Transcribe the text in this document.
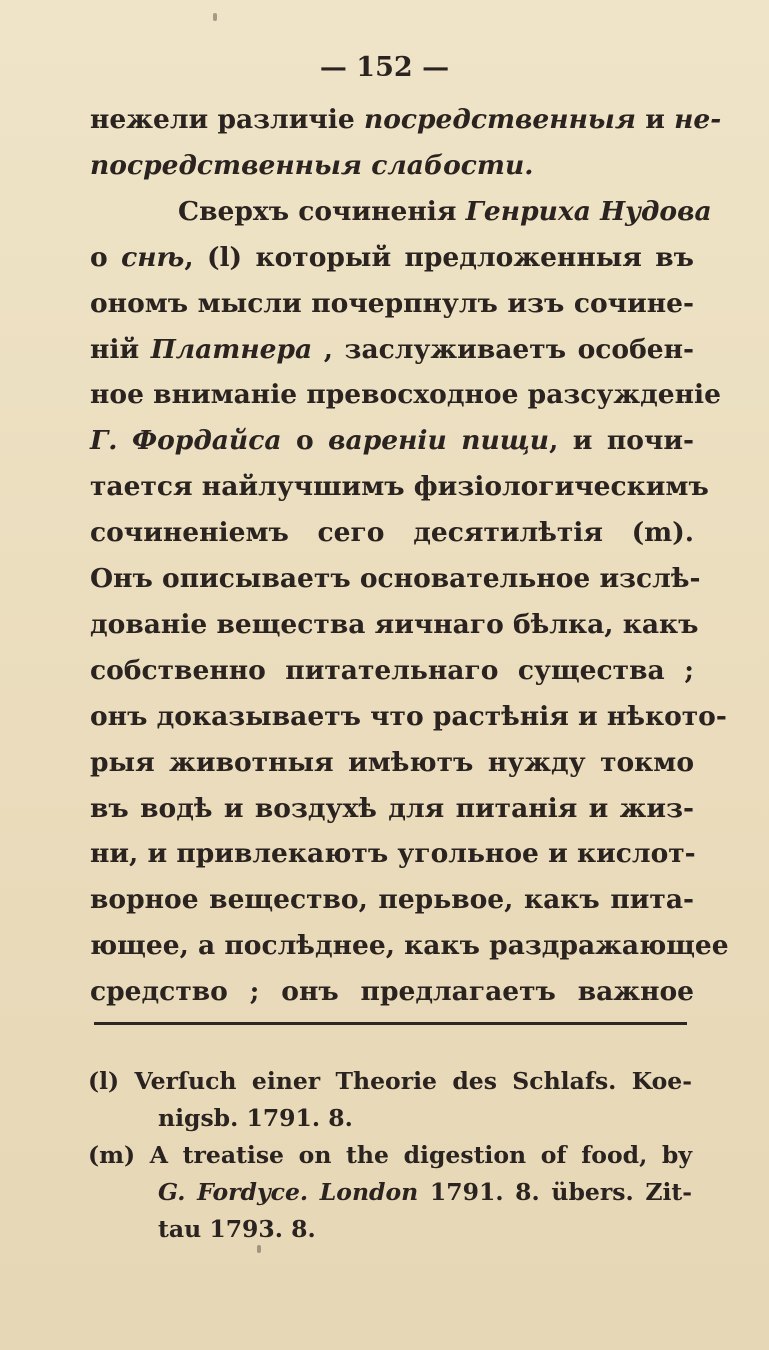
— 152 —
нежели различіе посредственныя и не-
посредственныя слабости.
Сверхъ сочиненія Генриха Нудова
о снѣ, (l) который предложенныя въ
ономъ мысли почерпнулъ изъ сочине-
ній Платнера , заслуживаетъ особен-
ное вниманіе превосходное разсужденіе
Г. Фордайса о вареніи пищи, и почи-
тается найлучшимъ физіологическимъ
сочиненіемъ сего десятилѣтія (m).
Онъ описываетъ основательное изслѣ-
дованіе вещества яичнаго бѣлка, какъ
собственно питательнаго существа ;
онъ доказываетъ что растѣнія и нѣкото-
рыя животныя имѣютъ нужду токмо
въ водѣ и воздухѣ для питанія и жиз-
ни, и привлекаютъ угольное и кислот-
ворное вещество, перьвое, какъ пита-
ющее, а послѣднее, какъ раздражающее
средство ; онъ предлагаетъ важное
(l) Verſuch einer Theorie des Schlafs. Koe-
nigsb. 1791. 8.
(m) A treatise on the digestion of food, by
G. Fordyce. London 1791. 8. übers. Zit-
tau 1793. 8.
